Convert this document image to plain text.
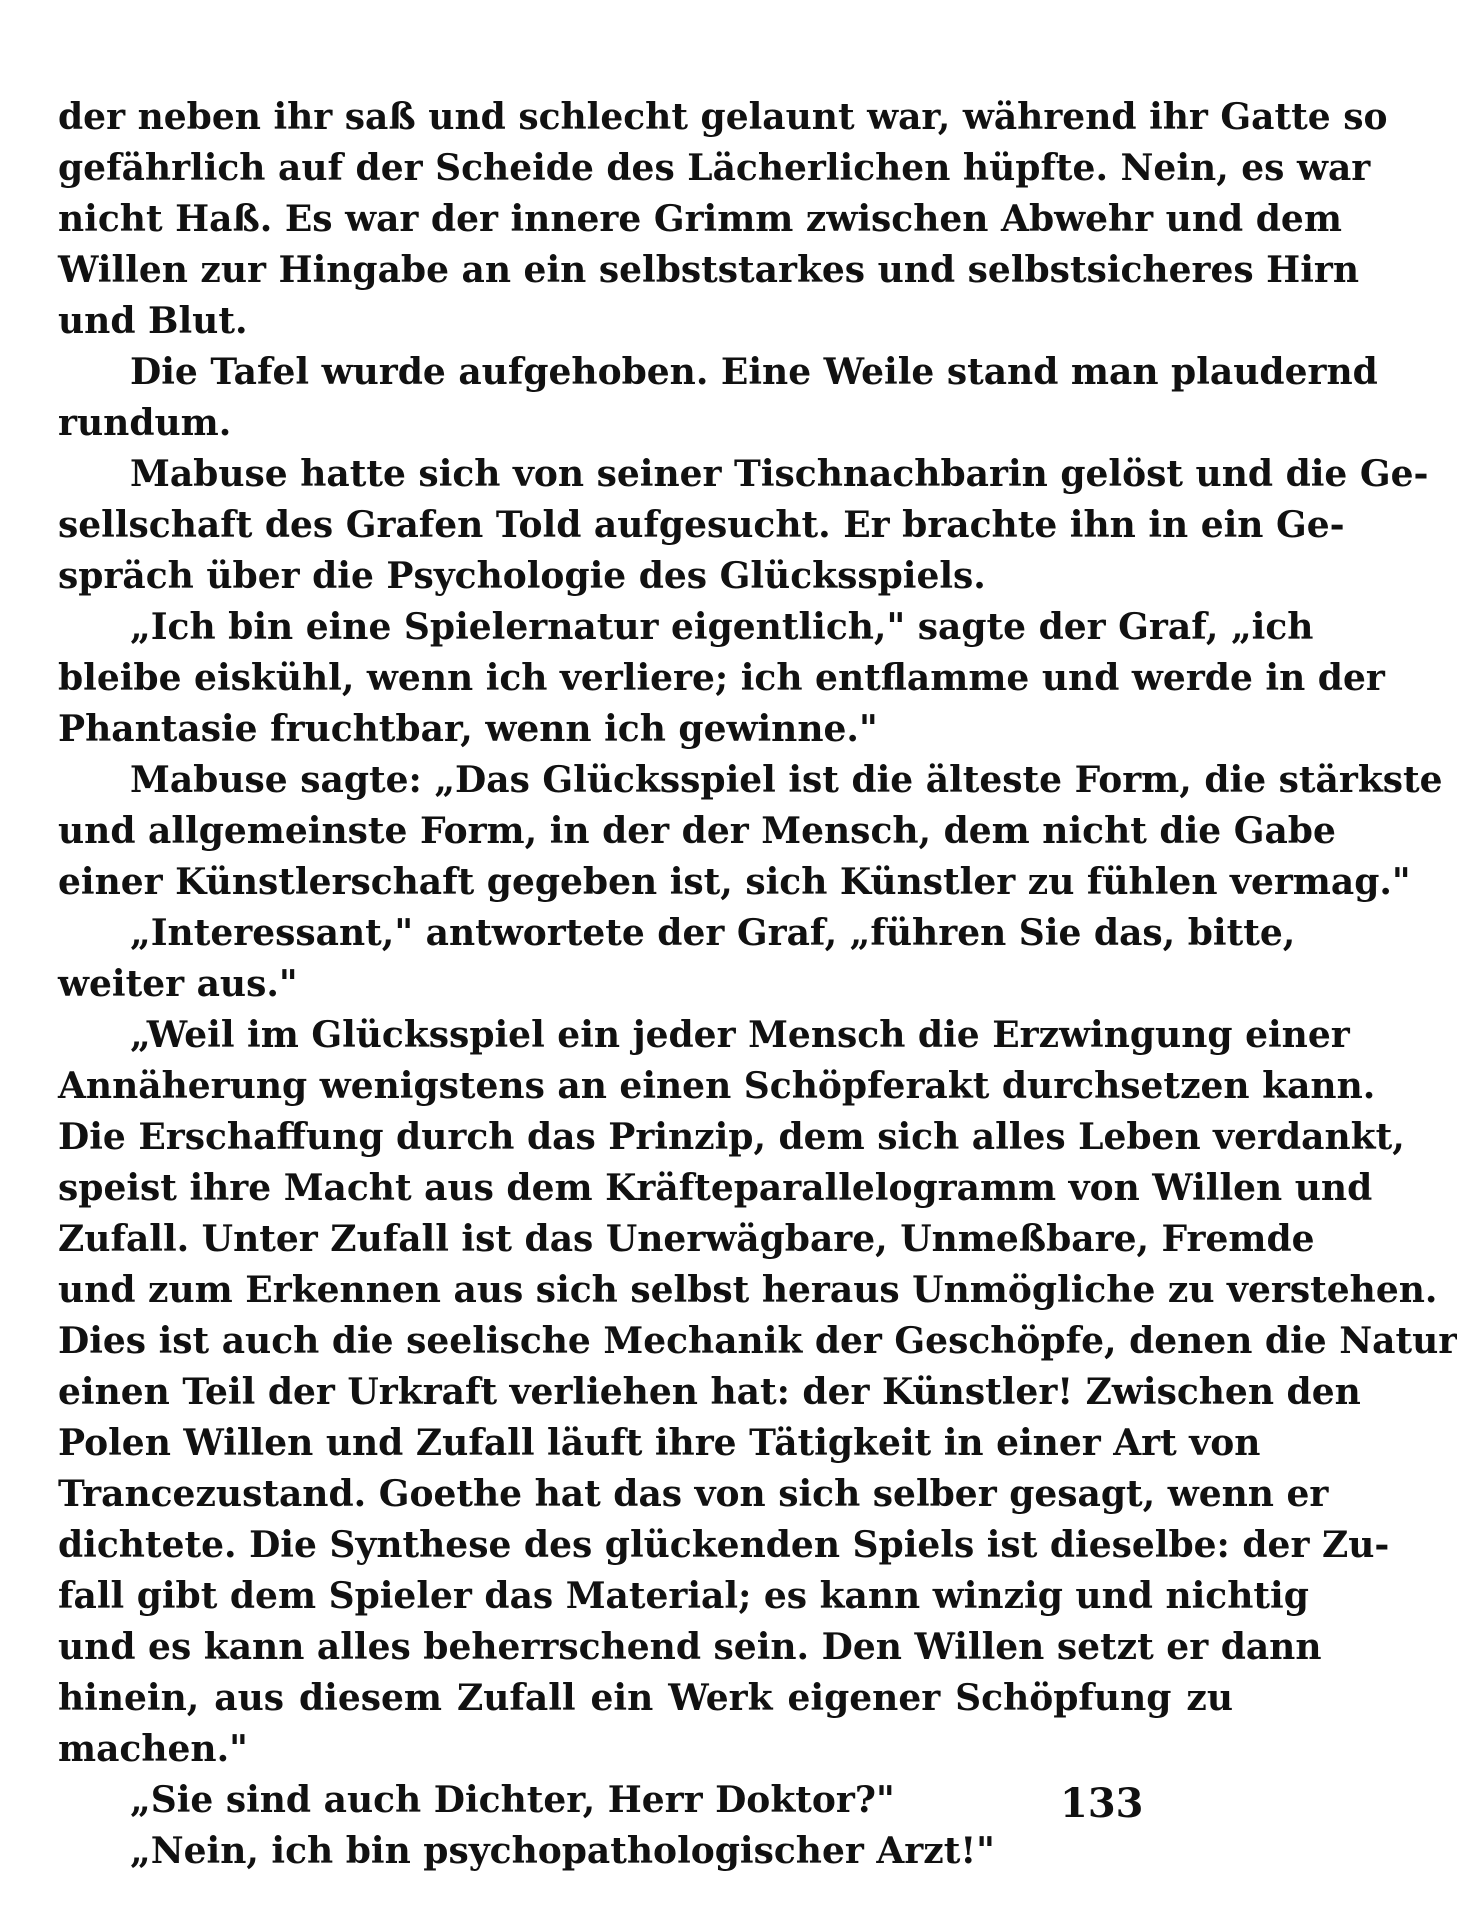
der neben ihr saß und schlecht gelaunt war, während ihr Gatte so
gefährlich auf der Scheide des Lächerlichen hüpfte. Nein, es war
nicht Haß. Es war der innere Grimm zwischen Abwehr und dem
Willen zur Hingabe an ein selbststarkes und selbstsicheres Hirn
und Blut.
Die Tafel wurde aufgehoben. Eine Weile stand man plaudernd
rundum.
Mabuse hatte sich von seiner Tischnachbarin gelöst und die Ge-
sellschaft des Grafen Told aufgesucht. Er brachte ihn in ein Ge-
spräch über die Psychologie des Glücksspiels.
„Ich bin eine Spielernatur eigentlich," sagte der Graf, „ich
bleibe eiskühl, wenn ich verliere; ich entflamme und werde in der
Phantasie fruchtbar, wenn ich gewinne."
Mabuse sagte: „Das Glücksspiel ist die älteste Form, die stärkste
und allgemeinste Form, in der der Mensch, dem nicht die Gabe
einer Künstlerschaft gegeben ist, sich Künstler zu fühlen vermag."
„Interessant," antwortete der Graf, „führen Sie das, bitte,
weiter aus."
„Weil im Glücksspiel ein jeder Mensch die Erzwingung einer
Annäherung wenigstens an einen Schöpferakt durchsetzen kann.
Die Erschaffung durch das Prinzip, dem sich alles Leben verdankt,
speist ihre Macht aus dem Kräfteparallelogramm von Willen und
Zufall. Unter Zufall ist das Unerwägbare, Unmeßbare, Fremde
und zum Erkennen aus sich selbst heraus Unmögliche zu verstehen.
Dies ist auch die seelische Mechanik der Geschöpfe, denen die Natur
einen Teil der Urkraft verliehen hat: der Künstler! Zwischen den
Polen Willen und Zufall läuft ihre Tätigkeit in einer Art von
Trancezustand. Goethe hat das von sich selber gesagt, wenn er
dichtete. Die Synthese des glückenden Spiels ist dieselbe: der Zu-
fall gibt dem Spieler das Material; es kann winzig und nichtig
und es kann alles beherrschend sein. Den Willen setzt er dann
hinein, aus diesem Zufall ein Werk eigener Schöpfung zu
machen."
„Sie sind auch Dichter, Herr Doktor?"
„Nein, ich bin psychopathologischer Arzt!"
133
